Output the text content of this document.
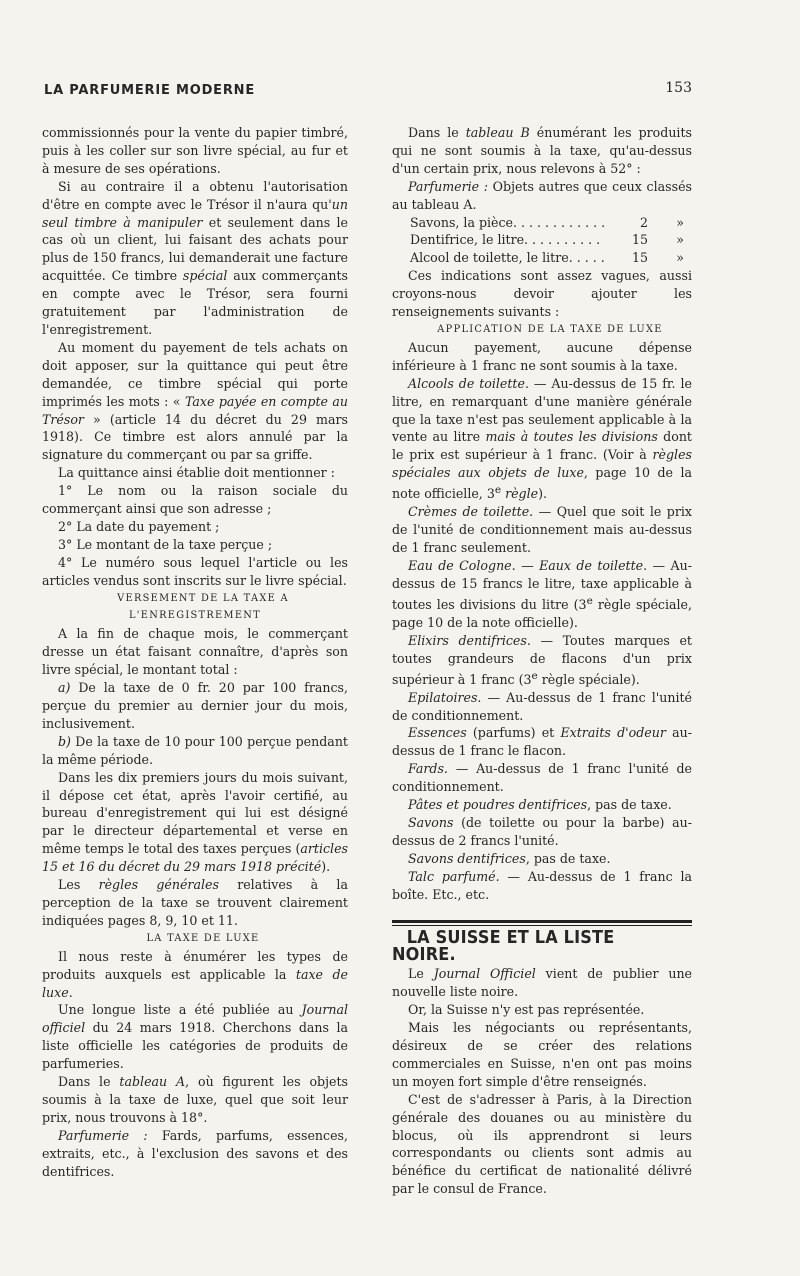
LA PARFUMERIE MODERNE	153

commissionnés pour la vente du papier timbré, puis à les coller sur son livre spécial, au fur et à mesure de ses opérations.

Si au contraire il a obtenu l'autorisation d'être en compte avec le Trésor il n'aura qu'un seul timbre à manipuler et seulement dans le cas où un client, lui faisant des achats pour plus de 150 francs, lui demanderait une facture acquittée. Ce timbre spécial aux commerçants en compte avec le Trésor, sera fourni gratuitement par l'administration de l'enregistrement.

Au moment du payement de tels achats on doit apposer, sur la quittance qui peut être demandée, ce timbre spécial qui porte imprimés les mots : « Taxe payée en compte au Trésor » (article 14 du décret du 29 mars 1918). Ce timbre est alors annulé par la signature du commerçant ou par sa griffe.

La quittance ainsi établie doit mentionner :

1° Le nom ou la raison sociale du commerçant ainsi que son adresse ;

2° La date du payement ;

3° Le montant de la taxe perçue ;

4° Le numéro sous lequel l'article ou les articles vendus sont inscrits sur le livre spécial.

VERSEMENT DE LA TAXE A L'ENREGISTREMENT

A la fin de chaque mois, le commerçant dresse un état faisant connaître, d'après son livre spécial, le montant total :

a) De la taxe de 0 fr. 20 par 100 francs, perçue du premier au dernier jour du mois, inclusivement.

b) De la taxe de 10 pour 100 perçue pendant la même période.

Dans les dix premiers jours du mois suivant, il dépose cet état, après l'avoir certifié, au bureau d'enregistrement qui lui est désigné par le directeur départemental et verse en même temps le total des taxes perçues (articles 15 et 16 du décret du 29 mars 1918 précité).

Les règles générales relatives à la perception de la taxe se trouvent clairement indiquées pages 8, 9, 10 et 11.

LA TAXE DE LUXE

Il nous reste à énumérer les types de produits auxquels est applicable la taxe de luxe.

Une longue liste a été publiée au Journal officiel du 24 mars 1918. Cherchons dans la liste officielle les catégories de produits de parfumeries.

Dans le tableau A, où figurent les objets soumis à la taxe de luxe, quel que soit leur prix, nous trouvons à 18°.

Parfumerie : Fards, parfums, essences, extraits, etc., à l'exclusion des savons et des dentifrices.

Dans le tableau B énumérant les produits qui ne sont soumis à la taxe, qu'au-dessus d'un certain prix, nous relevons à 52° :

Parfumerie : Objets autres que ceux classés au tableau A.

Savons, la pièce . . .	2	»
Dentifrice, le litre . . .	15	»
Alcool de toilette, le litre . . .	15	»

Ces indications sont assez vagues, aussi croyons-nous devoir ajouter les renseignements suivants :

APPLICATION DE LA TAXE DE LUXE

Aucun payement, aucune dépense inférieure à 1 franc ne sont soumis à la taxe.

Alcools de toilette. — Au-dessus de 15 fr. le litre, en remarquant d'une manière générale que la taxe n'est pas seulement applicable à la vente au litre mais à toutes les divisions dont le prix est supérieur à 1 franc. (Voir à règles spéciales aux objets de luxe, page 10 de la note officielle, 3e règle).

Crèmes de toilette. — Quel que soit le prix de l'unité de conditionnement mais au-dessus de 1 franc seulement.

Eau de Cologne. — Eaux de toilette. — Au-dessus de 15 francs le litre, taxe applicable à toutes les divisions du litre (3e règle spéciale, page 10 de la note officielle).

Elixirs dentifrices. — Toutes marques et toutes grandeurs de flacons d'un prix supérieur à 1 franc (3e règle spéciale).

Epilatoires. — Au-dessus de 1 franc l'unité de conditionnement.

Essences (parfums) et Extraits d'odeur au-dessus de 1 franc le flacon.

Fards. — Au-dessus de 1 franc l'unité de conditionnement.

Pâtes et poudres dentifrices, pas de taxe.

Savons (de toilette ou pour la barbe) au-dessus de 2 francs l'unité.

Savons dentifrices, pas de taxe.

Talc parfumé. — Au-dessus de 1 franc la boîte. Etc., etc.

LA SUISSE ET LA LISTE NOIRE.

Le Journal Officiel vient de publier une nouvelle liste noire.

Or, la Suisse n'y est pas représentée.

Mais les négociants ou représentants, désireux de se créer des relations commerciales en Suisse, n'en ont pas moins un moyen fort simple d'être renseignés.

C'est de s'adresser à Paris, à la Direction générale des douanes ou au ministère du blocus, où ils apprendront si leurs correspondants ou clients sont admis au bénéfice du certificat de nationalité délivré par le consul de France.
